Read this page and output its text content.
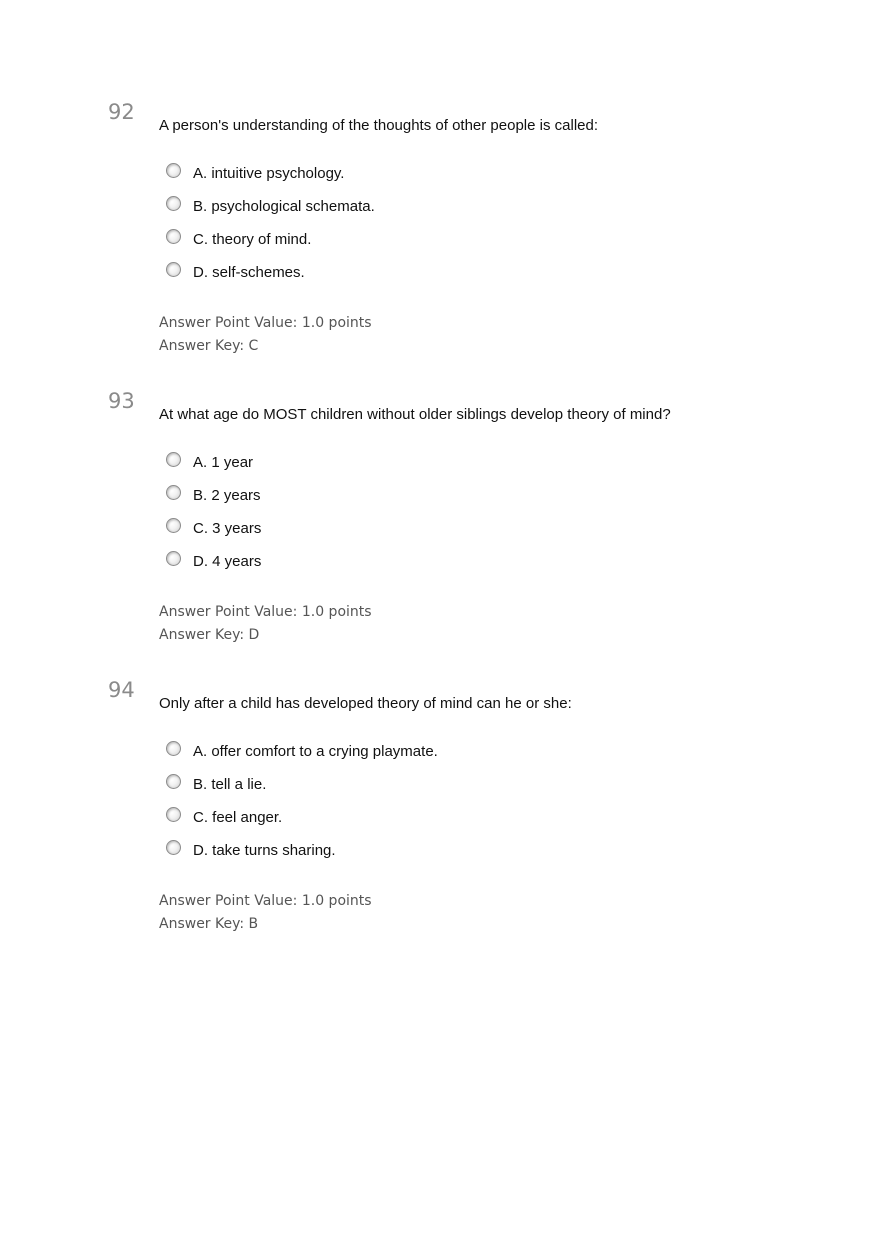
92
A person's understanding of the thoughts of other people is called:
A. intuitive psychology.
B. psychological schemata.
C. theory of mind.
D. self-schemes.
Answer Point Value: 1.0 points
Answer Key: C
93
At what age do MOST children without older siblings develop theory of mind?
A. 1 year
B. 2 years
C. 3 years
D. 4 years
Answer Point Value: 1.0 points
Answer Key: D
94
Only after a child has developed theory of mind can he or she:
A. offer comfort to a crying playmate.
B. tell a lie.
C. feel anger.
D. take turns sharing.
Answer Point Value: 1.0 points
Answer Key: B
